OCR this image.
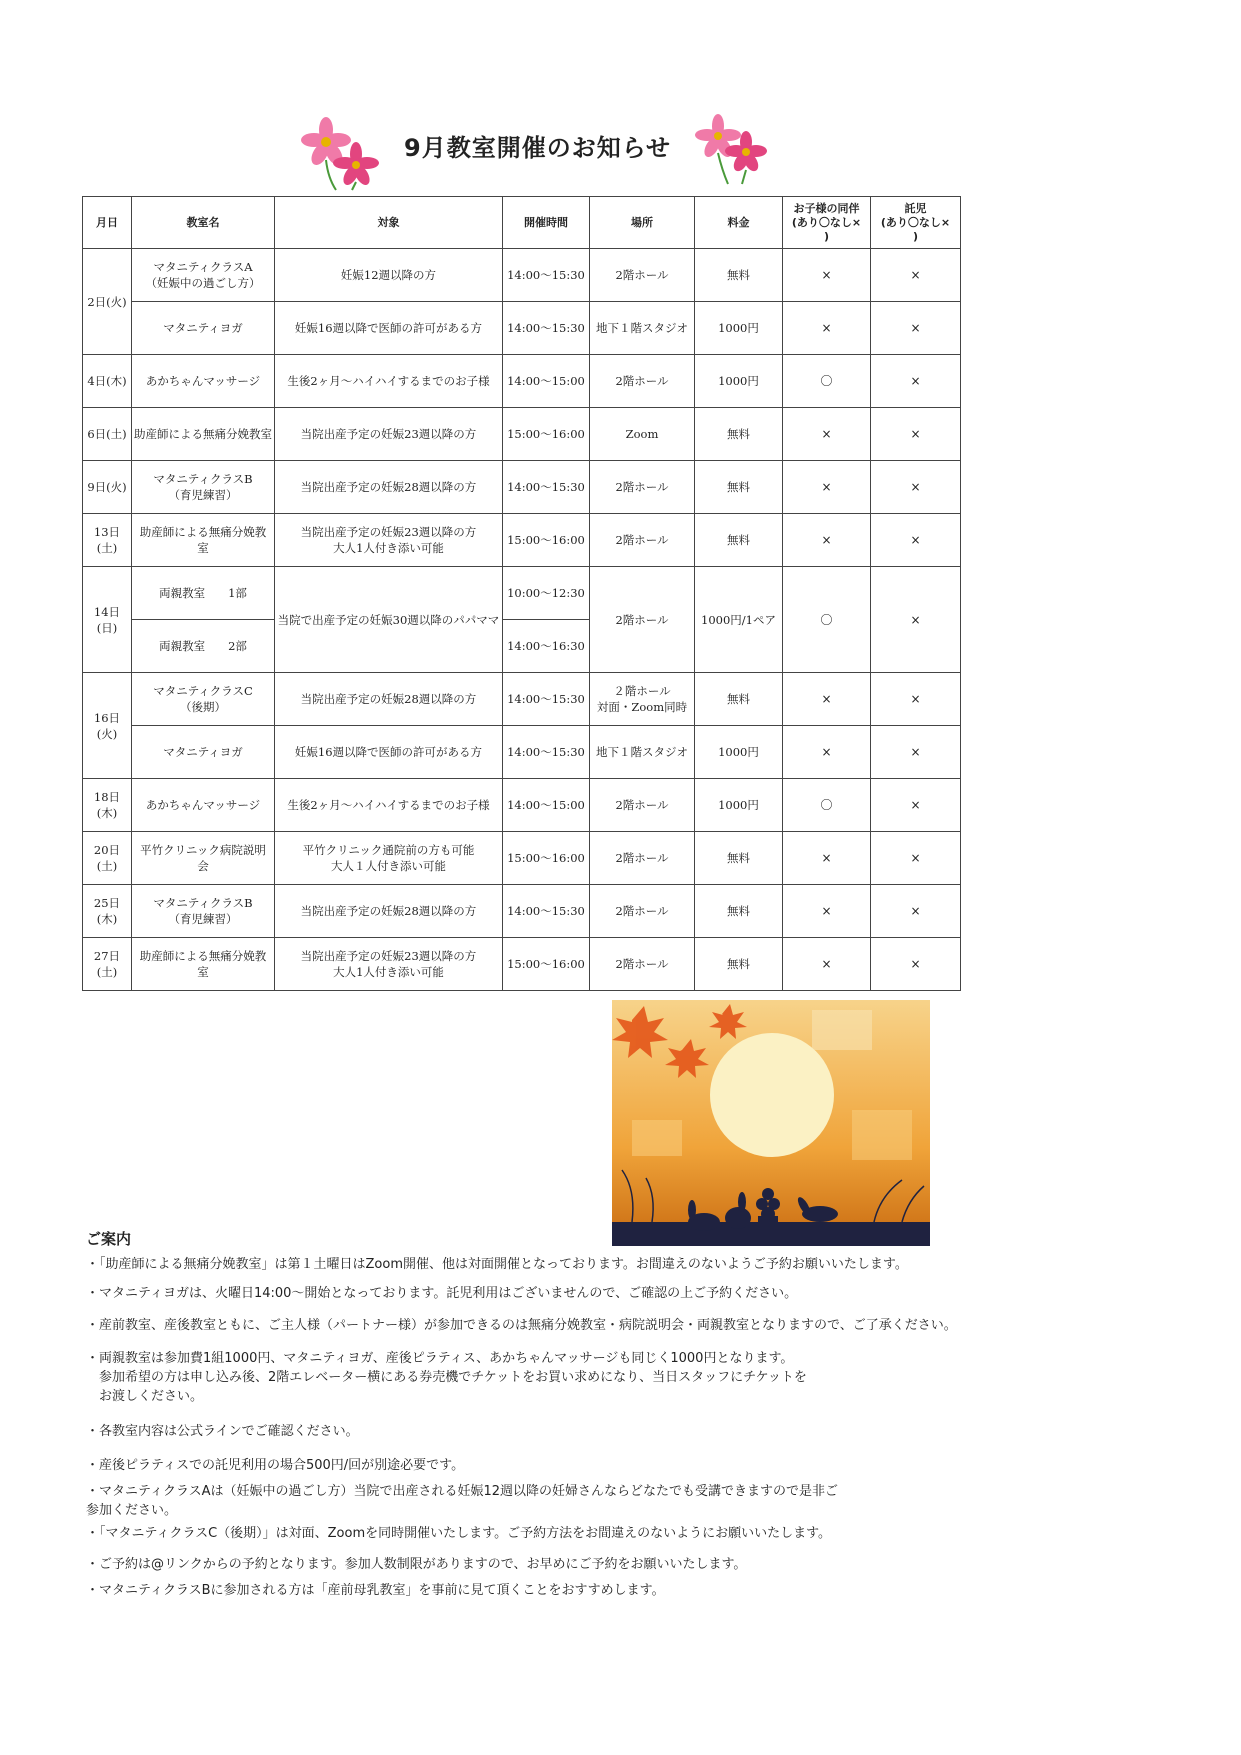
9月教室開催のお知らせ
月日	教室名	対象	開催時間	場所	料金	お子様の同伴
(あり〇なし×
)	託児
(あり〇なし×
)
2日(火)	マタニティクラスA
（妊娠中の過ごし方）	妊娠12週以降の方	14:00～15:30	2階ホール	無料	×	×
	マタニティヨガ	妊娠16週以降で医師の許可がある方	14:00～15:30	地下１階スタジオ	1000円	×	×
4日(木)	あかちゃんマッサージ	生後2ヶ月～ハイハイするまでのお子様	14:00～15:00	2階ホール	1000円	〇	×
6日(土)	助産師による無痛分娩教室	当院出産予定の妊娠23週以降の方	15:00～16:00	Zoom	無料	×	×
9日(火)	マタニティクラスB
（育児練習）	当院出産予定の妊娠28週以降の方	14:00～15:30	2階ホール	無料	×	×
13日(土)	助産師による無痛分娩教
室	当院出産予定の妊娠23週以降の方
大人1人付き添い可能	15:00～16:00	2階ホール	無料	×	×
14日(日)	両親教室　　1部	当院で出産予定の妊娠30週以降のパパママ	10:00～12:30	2階ホール	1000円/1ペア	〇	×
	両親教室　　2部		14:00～16:30				
16日(火)	マタニティクラスC
（後期）	当院出産予定の妊娠28週以降の方	14:00～15:30	２階ホール
対面・Zoom同時	無料	×	×
	マタニティヨガ	妊娠16週以降で医師の許可がある方	14:00～15:30	地下１階スタジオ	1000円	×	×
18日(木)	あかちゃんマッサージ	生後2ヶ月～ハイハイするまでのお子様	14:00～15:00	2階ホール	1000円	〇	×
20日(土)	平竹クリニック病院説明
会	平竹クリニック通院前の方も可能
大人１人付き添い可能	15:00～16:00	2階ホール	無料	×	×
25日(木)	マタニティクラスB
（育児練習）	当院出産予定の妊娠28週以降の方	14:00～15:30	2階ホール	無料	×	×
27日(土)	助産師による無痛分娩教
室	当院出産予定の妊娠23週以降の方
大人1人付き添い可能	15:00～16:00	2階ホール	無料	×	×
ご案内

・「助産師による無痛分娩教室」は第１土曜日はZoom開催、他は対面開催となっております。お間違えのないようご予約お願いいたします。

・マタニティヨガは、火曜日14:00～開始となっております。託児利用はございませんので、ご確認の上ご予約ください。

・産前教室、産後教室ともに、ご主人様（パートナー様）が参加できるのは無痛分娩教室・病院説明会・両親教室となりますので、ご了承ください。

・両親教室は参加費1組1000円、マタニティヨガ、産後ピラティス、あかちゃんマッサージも同じく1000円となります。
　参加希望の方は申し込み後、2階エレベーター横にある券売機でチケットをお買い求めになり、当日スタッフにチケットを
　お渡しください。

・各教室内容は公式ラインでご確認ください。

・産後ピラティスでの託児利用の場合500円/回が別途必要です。

・マタニティクラスAは（妊娠中の過ごし方）当院で出産される妊娠12週以降の妊婦さんならどなたでも受講できますので是非ご
参加ください。

・「マタニティクラスC（後期）」は対面、Zoomを同時開催いたします。ご予約方法をお間違えのないようにお願いいたします。

・ご予約は@リンクからの予約となります。参加人数制限がありますので、お早めにご予約をお願いいたします。

・マタニティクラスBに参加される方は「産前母乳教室」を事前に見て頂くことをおすすめします。
